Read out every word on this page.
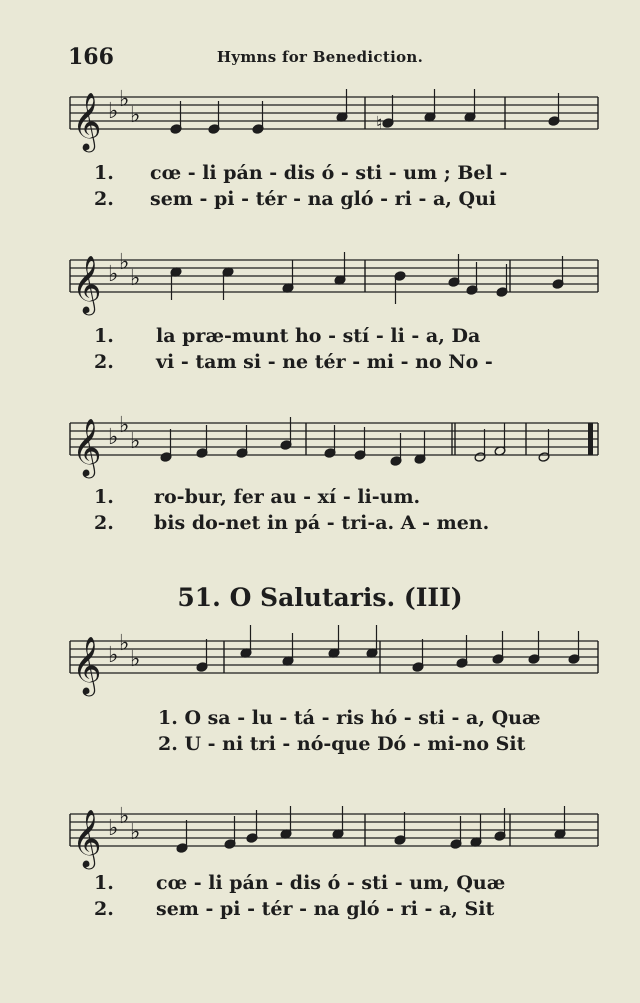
166	Hymns for Benediction.
𝄞 ♭ ♭
♭	♮
𝄞 ♭ ♭
♭
𝄞 ♭ ♭
♭
𝄞 ♭ ♭
♭
𝄞 ♭ ♭
♭
1. cœ - li pán - dis ó - sti - um ; Bel -
2. sem - pi - tér - na gló - ri - a, Qui
1. la præ-munt ho - stí - li - a, Da
2. vi - tam si - ne tér - mi - no No -
1. ro-bur, fer au - xí - li-um.
2. bis do-net in pá - tri-a. A - men.
51. O Salutaris. (III)
1. O sa - lu - tá - ris hó - sti - a, Quæ
2. U - ni tri - nó-que Dó - mi-no Sit
1. cœ - li pán - dis ó - sti - um, Quæ
2. sem - pi - tér - na gló - ri - a, Sit
